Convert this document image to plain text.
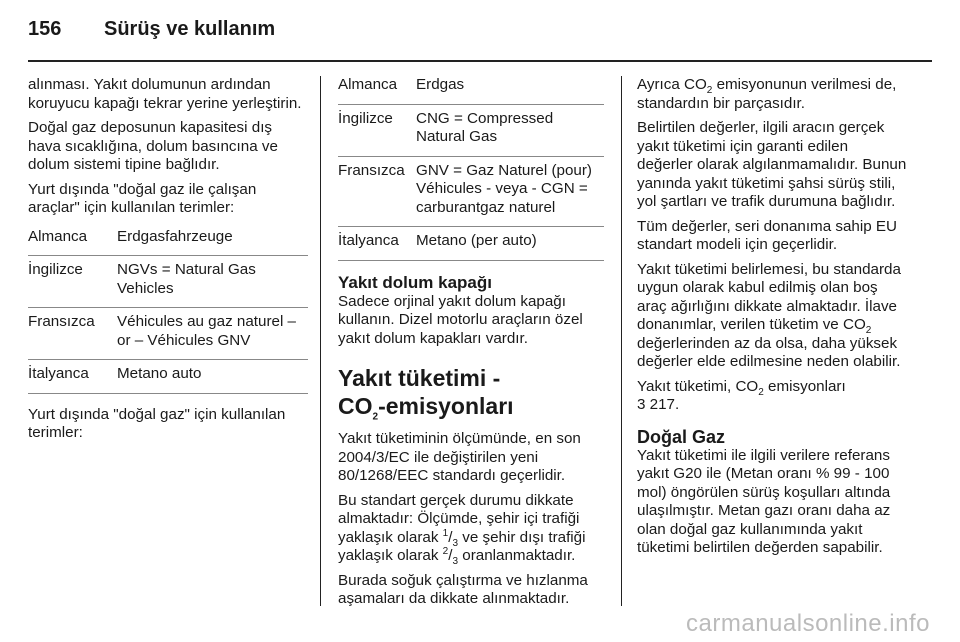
156 Sürüş ve kullanım

alınması. Yakıt dolumunun ardından koruyucu kapağı tekrar yerine yerleştirin.

Doğal gaz deposunun kapasitesi dış hava sıcaklığına, dolum basıncına ve dolum sistemi tipine bağlıdır.

Yurt dışında "doğal gaz ile çalışan araçlar" için kullanılan terimler:

Almanca	Erdgasfahrzeuge
İngilizce	NGVs = Natural Gas Vehicles
Fransızca	Véhicules au gaz naturel – or – Véhicules GNV
İtalyanca	Metano auto

Yurt dışında "doğal gaz" için kullanılan terimler:

Almanca	Erdgas
İngilizce	CNG = Compressed Natural Gas
Fransızca GNV = Gaz Naturel (pour) Véhicules - veya - CGN = carburantgaz naturel
İtalyanca	Metano (per auto)
Yakıt dolum kapağı

Sadece orjinal yakıt dolum kapağı kullanın. Dizel motorlu araçların özel yakıt dolum kapakları vardır.

Yakıt tüketimi -
$CO_2$-emisyonları

Yakıt tüketiminin ölçümünde, en son 2004/3/EC ile değiştirilen yeni 80/1268/EEC standardı geçerlidir.

Bu standart gerçek durumu dikkate almaktadır: Ölçümde, şehir içi trafiği yaklaşık olarak $^1/_3$ ve şehir dışı trafiği yaklaşık olarak $^2/_3$ oranlanmaktadır.

Burada soğuk çalıştırma ve hızlanma aşamaları da dikkate alınmaktadır.

Ayrıca $CO_2$ emisyonunun verilmesi de, standardın bir parçasıdır.

Belirtilen değerler, ilgili aracın gerçek yakıt tüketimi için garanti edilen değerler olarak algılanmamalıdır. Bunun yanında yakıt tüketimi şahsi sürüş stili, yol şartları ve trafik durumuna bağlıdır.

Tüm değerler, seri donanıma sahip EU standart modeli için geçerlidir.

Yakıt tüketimi belirlemesi, bu standarda uygun olarak kabul edilmiş olan boş araç ağırlığını dikkate almaktadır. İlave donanımlar, verilen tüketim ve $CO_2$ değerlerinden az da olsa, daha yüksek değerler elde edilmesine neden olabilir.

Yakıt tüketimi, $CO_2$ emisyonları
3 217.

Doğal Gaz

Yakıt tüketimi ile ilgili verilere referans yakıt G20 ile (Metan oranı % 99 - 100 mol) öngörülen sürüş koşulları altında ulaşılmıştır. Metan gazı oranı daha az olan doğal gaz kullanımında yakıt tüketimi belirtilen değerden sapabilir.

carmanualsonline.info
